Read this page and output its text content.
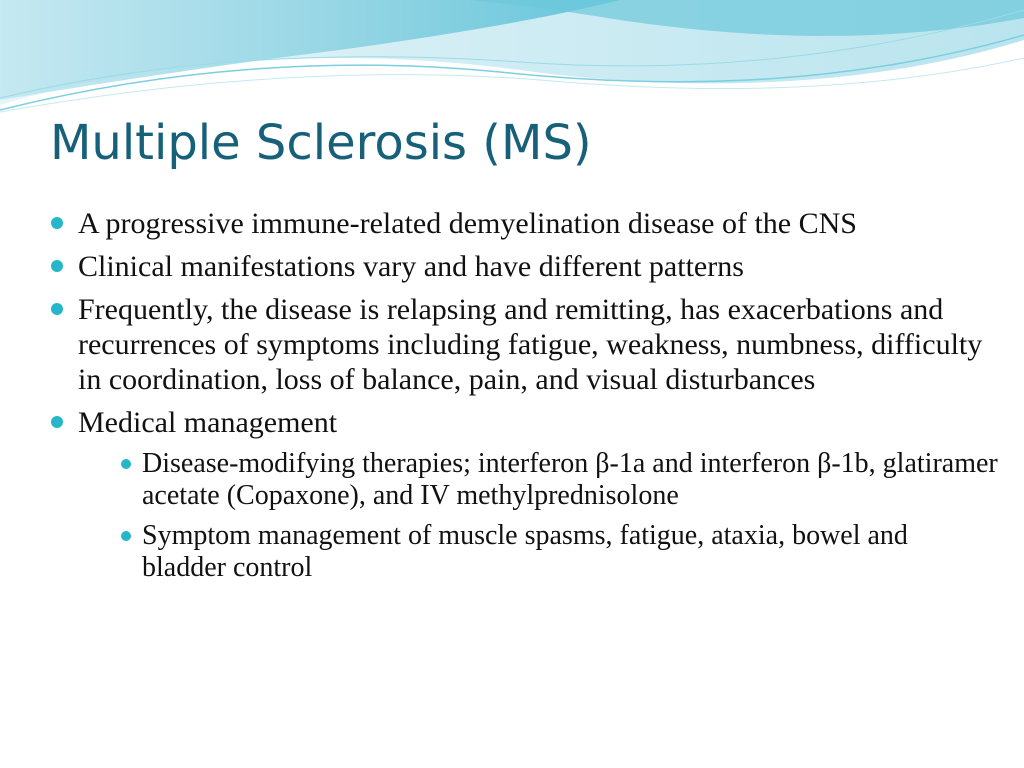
Multiple Sclerosis (MS)
A progressive immune-related demyelination disease of the CNS
Clinical manifestations vary and have different patterns
Frequently, the disease is relapsing and remitting, has exacerbations and recurrences of symptoms including fatigue, weakness, numbness, difficulty in coordination, loss of balance, pain, and visual disturbances
Medical management
Disease-modifying therapies; interferon β-1a and interferon β-1b, glatiramer acetate (Copaxone), and IV methylprednisolone
Symptom management of muscle spasms, fatigue, ataxia, bowel and bladder control
